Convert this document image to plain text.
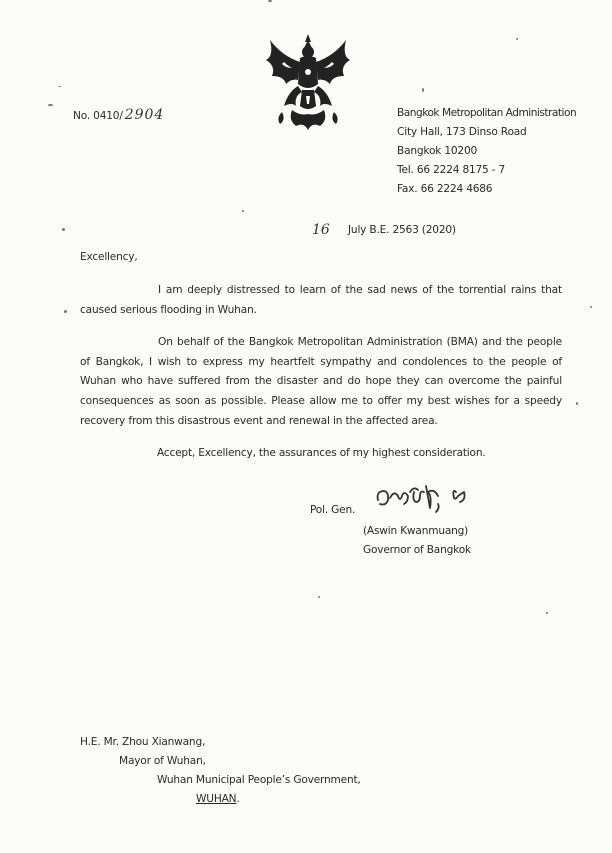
No. 0410/ 2904	Bangkok Metropolitan Administration
City Hall, 173 Dinso Road
Bangkok 10200
Tel. 66 2224 8175 - 7
Fax. 66 2224 4686
16 July B.E. 2563 (2020)
Excellency,
I am deeply distressed to learn of the sad news of the torrential rains that caused serious flooding in Wuhan.
On behalf of the Bangkok Metropolitan Administration (BMA) and the people of Bangkok, I wish to express my heartfelt sympathy and condolences to the people of Wuhan who have suffered from the disaster and do hope they can overcome the painful consequences as soon as possible. Please allow me to offer my best wishes for a speedy recovery from this disastrous event and renewal in the affected area.
Accept, Excellency, the assurances of my highest consideration.
Pol. Gen.
(Aswin Kwanmuang)
Governor of Bangkok
H.E. Mr. Zhou Xianwang,
Mayor of Wuhan,
Wuhan Municipal People’s Government,
WUHAN.
